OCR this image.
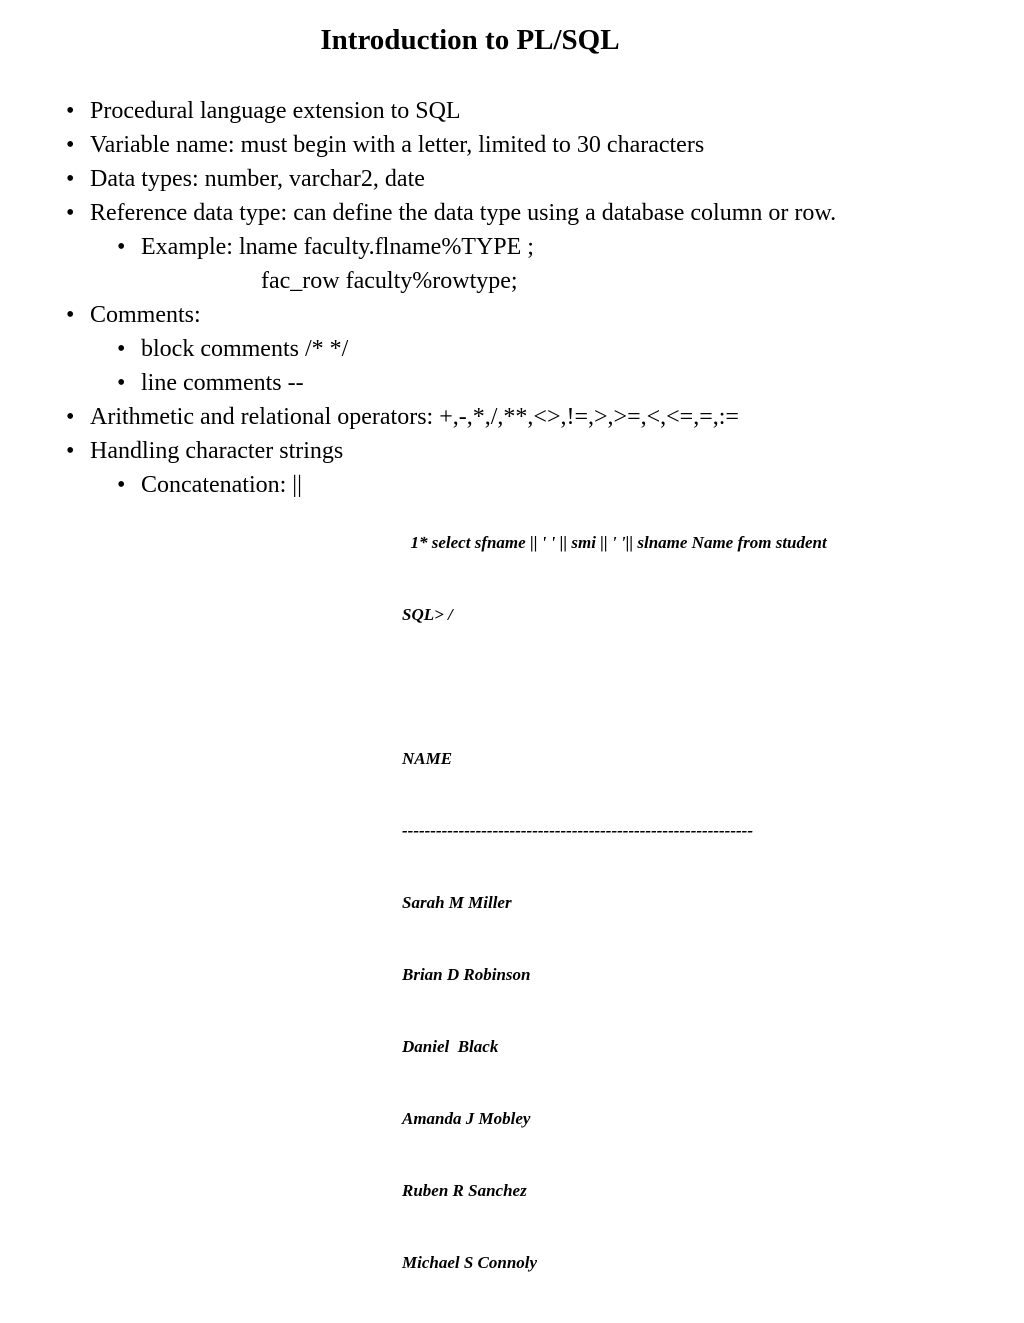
Introduction to PL/SQL
• Procedural language extension to SQL
• Variable name: must begin with a letter, limited to 30 characters
• Data types: number, varchar2, date
• Reference data type: can define the data type using a database column or row.
• Example: lname faculty.flname%TYPE ;
fac_row faculty%rowtype;
• Comments:
• block comments /* */
• line comments --
• Arithmetic and relational operators: +,-,*,/,**,<>,!=,>,>=,<,<=,=,:=
• Handling character strings
• Concatenation: ||

1* select sfname || ' ' || smi || ' '|| slname Name from student

SQL> /

NAME

--------------------------------------------------------------

Sarah M Miller

Brian D Robinson

Daniel  Black

Amanda J Mobley

Ruben R Sanchez

Michael S Connoly
